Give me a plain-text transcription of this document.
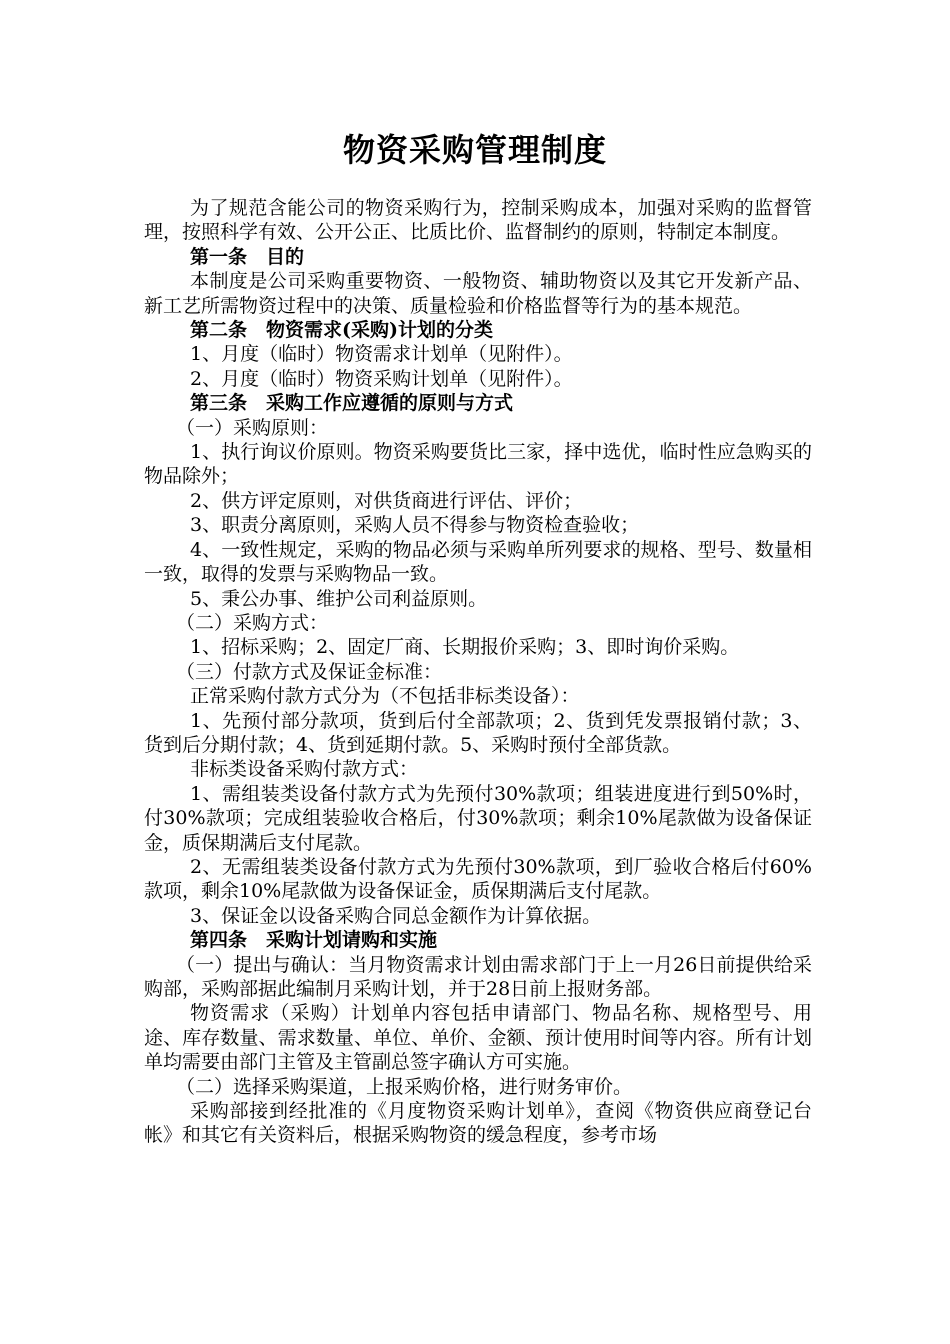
物资采购管理制度

为了规范含能公司的物资采购行为，控制采购成本，加强对采购的监督管理，按照科学有效、公开公正、比质比价、监督制约的原则，特制定本制度。

第一条　目的

本制度是公司采购重要物资、一般物资、辅助物资以及其它开发新产品、新工艺所需物资过程中的决策、质量检验和价格监督等行为的基本规范。

第二条　物资需求(采购)计划的分类

1、月度（临时）物资需求计划单（见附件）。

2、月度（临时）物资采购计划单（见附件）。

第三条　采购工作应遵循的原则与方式

（一）采购原则：

1、执行询议价原则。物资采购要货比三家，择中选优，临时性应急购买的物品除外；

2、供方评定原则，对供货商进行评估、评价；

3、职责分离原则，采购人员不得参与物资检查验收；

4、一致性规定，采购的物品必须与采购单所列要求的规格、型号、数量相一致，取得的发票与采购物品一致。

5、秉公办事、维护公司利益原则。

（二）采购方式：

1、招标采购；2、固定厂商、长期报价采购；3、即时询价采购。

（三）付款方式及保证金标准：

正常采购付款方式分为（不包括非标类设备）：

1、先预付部分款项，货到后付全部款项；2、货到凭发票报销付款；3、货到后分期付款；4、货到延期付款。5、采购时预付全部货款。

非标类设备采购付款方式：

1、需组装类设备付款方式为先预付30%款项；组装进度进行到50%时，付30%款项；完成组装验收合格后，付30%款项；剩余10%尾款做为设备保证金，质保期满后支付尾款。

2、无需组装类设备付款方式为先预付30%款项，到厂验收合格后付60%款项，剩余10%尾款做为设备保证金，质保期满后支付尾款。

3、保证金以设备采购合同总金额作为计算依据。

第四条　采购计划请购和实施

（一）提出与确认：当月物资需求计划由需求部门于上一月26日前提供给采购部，采购部据此编制月采购计划，并于28日前上报财务部。

物资需求（采购）计划单内容包括申请部门、物品名称、规格型号、用途、库存数量、需求数量、单位、单价、金额、预计使用时间等内容。所有计划单均需要由部门主管及主管副总签字确认方可实施。

（二）选择采购渠道，上报采购价格，进行财务审价。

采购部接到经批准的《月度物资采购计划单》，查阅《物资供应商登记台帐》和其它有关资料后，根据采购物资的缓急程度，参考市场
